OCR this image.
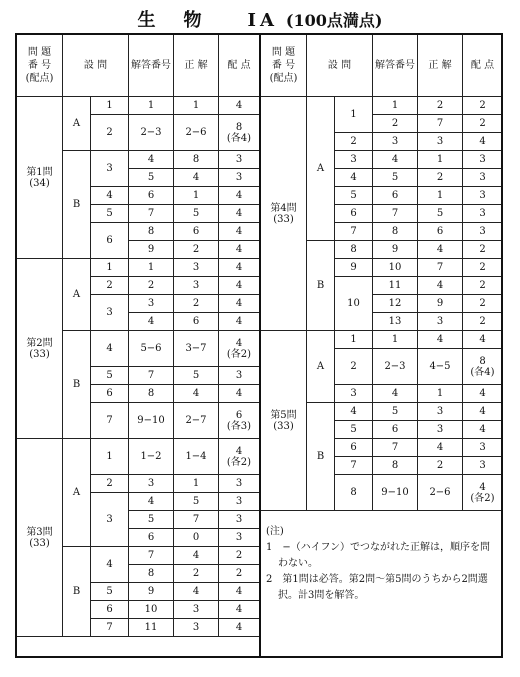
生物 IA (100点満点)
問 題
番 号
(配点)	設 問		解答番号	正 解	配 点
第1問
(34)	A	1	1	1	4
		2	2−3	2−6	8
(各4)
	B	3	4	8	3
			5	4	3
		4	6	1	4
		5	7	5	4
		6	8	6	4
			9	2	4
第2問
(33)	A	1	1	3	4
		2	2	3	4
		3	3	2	4
			4	6	4
	B	4	5−6	3−7	4
(各2)
		5	7	5	3
		6	8	4	4
		7	9−10	2−7	6
(各3)
第3問
(33)	A	1	1−2	1−4	4
(各2)
		2	3	1	3
		3	4	5	3
			5	7	3
			6	0	3
	B	4	7	4	2
			8	2	2
		5	9	4	4
		6	10	3	4
		7	11	3	4
問 題
番 号
(配点)	設 問		解答番号	正 解	配 点
第4問
(33)	A	1	1	2	2
			2	7	2
		2	3	3	4
		3	4	1	3
		4	5	2	3
		5	6	1	3
		6	7	5	3
		7	8	6	3
	B	8	9	4	2
		9	10	7	2
		10	11	4	2
			12	9	2
			13	3	2
第5問
(33)	A	1	1	4	4
		2	2−3	4−5	8
(各4)
		3	4	1	4
	B	4	5	3	4
		5	6	3	4
		6	7	4	3
		7	8	2	3
		8	9−10	2−6	4
(各2)
(注)
1　−（ハイフン）でつながれた正解は，順序を問わない。
2　第1問は必答。第2問〜第5問のうちから2問選択。計3問を解答。
